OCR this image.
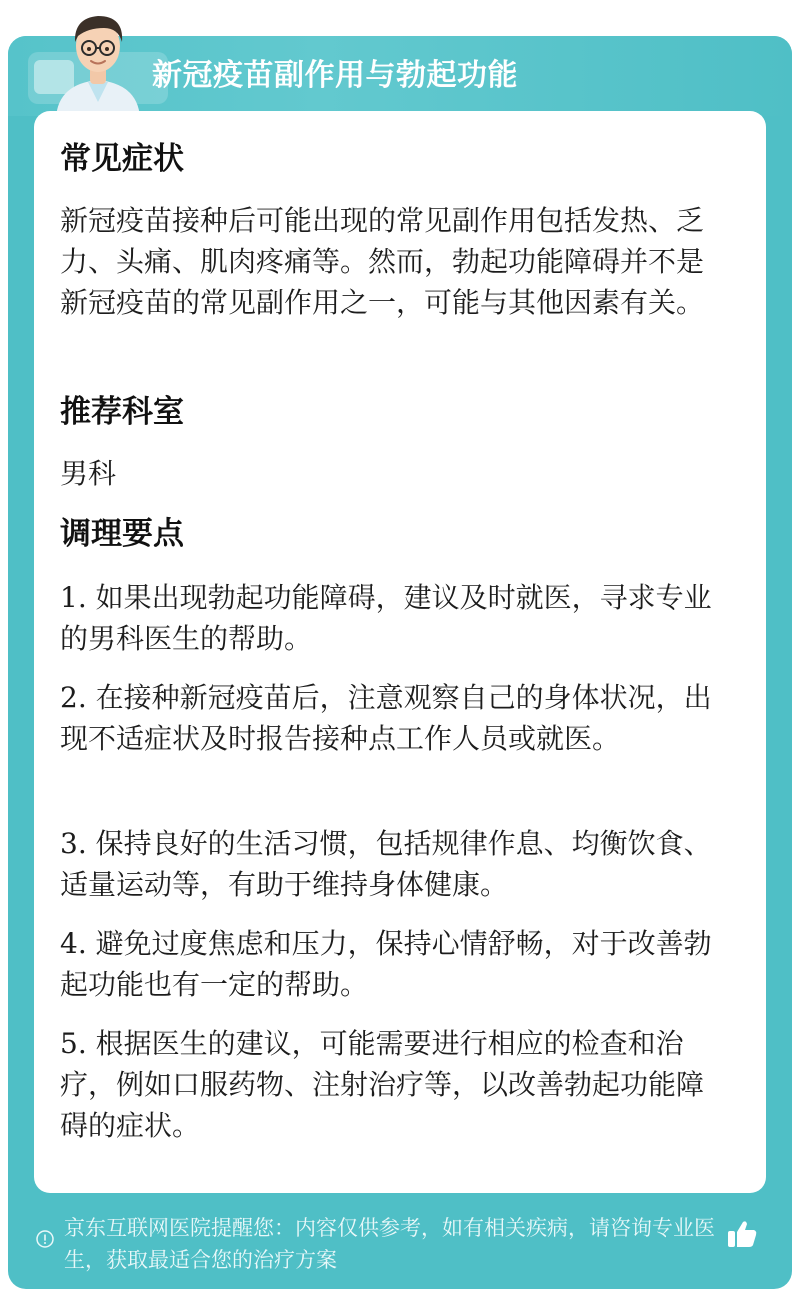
新冠疫苗副作用与勃起功能
常见症状

新冠疫苗接种后可能出现的常见副作用包括发热、乏力、头痛、肌肉疼痛等。然而，勃起功能障碍并不是新冠疫苗的常见副作用之一，可能与其他因素有关。

推荐科室

男科

调理要点

1. 如果出现勃起功能障碍，建议及时就医，寻求专业的男科医生的帮助。

2. 在接种新冠疫苗后，注意观察自己的身体状况，出现不适症状及时报告接种点工作人员或就医。

3. 保持良好的生活习惯，包括规律作息、均衡饮食、适量运动等，有助于维持身体健康。

4. 避免过度焦虑和压力，保持心情舒畅，对于改善勃起功能也有一定的帮助。

5. 根据医生的建议，可能需要进行相应的检查和治疗，例如口服药物、注射治疗等，以改善勃起功能障碍的症状。

京东互联网医院提醒您：内容仅供参考，如有相关疾病，请咨询专业医生，获取最适合您的治疗方案
